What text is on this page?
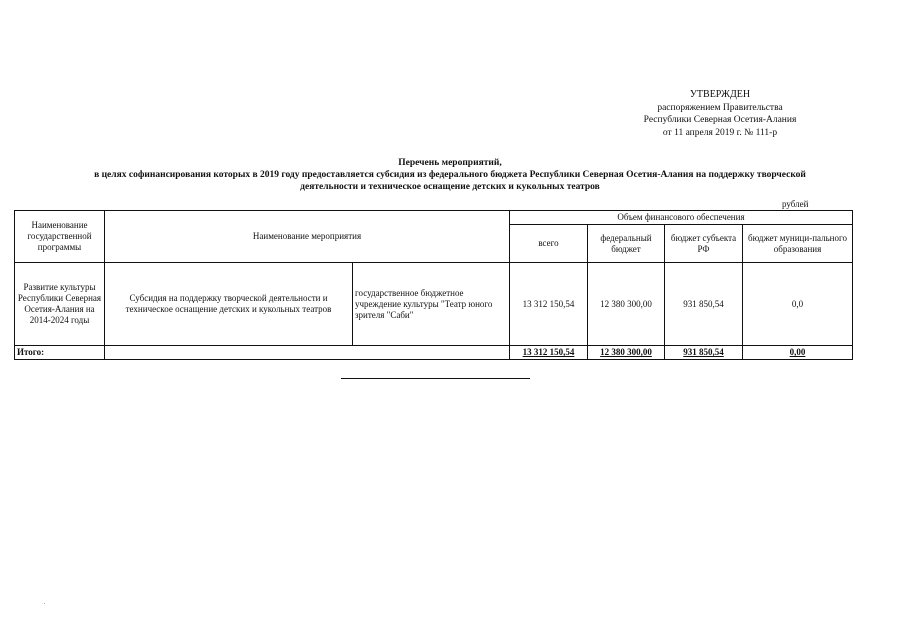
УТВЕРЖДЕН
распоряжением Правительства
Республики Северная Осетия-Алания
от 11 апреля 2019 г. № 111-р
Перечень мероприятий,
в целях софинансирования которых в 2019 году предоставляется субсидия из федерального бюджета Республики Северная Осетия-Алания на поддержку творческой
деятельности и техническое оснащение детских и кукольных театров
рублей
Наименование государственной программы	Наименование мероприятия		Объем финансового обеспечения			
			всего	федеральный бюджет	бюджет субъекта РФ	бюджет муници-пального образования
Развитие культуры Республики Северная Осетия-Алания на 2014-2024 годы	Субсидия на поддержку творческой деятельности и техническое оснащение детских и кукольных театров	государственное бюджетное учреждение культуры "Театр юного зрителя "Саби"	13 312 150,54	12 380 300,00	931 850,54	0,0
Итого:			13 312 150,54	12 380 300,00	931 850,54	0,00
